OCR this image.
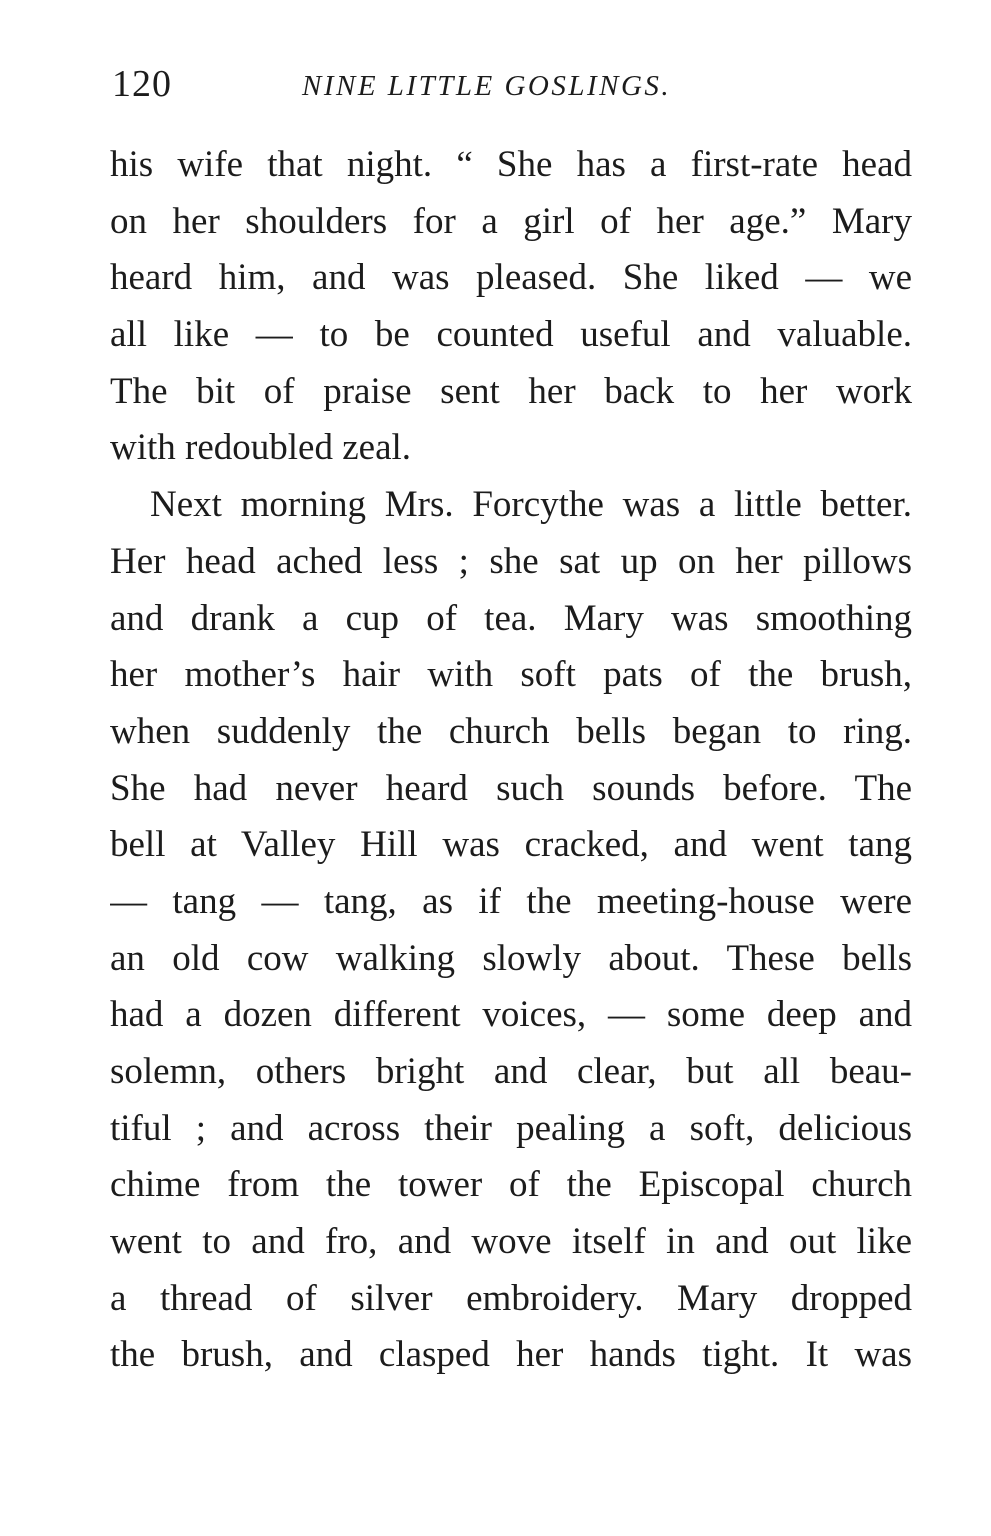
120	NINE LITTLE GOSLINGS.
his wife that night. “ She has a first-rate head
on her shoulders for a girl of her age.” Mary
heard him, and was pleased. She liked — we
all like — to be counted useful and valuable.
The bit of praise sent her back to her work
with redoubled zeal.
Next morning Mrs. Forcythe was a little better.
Her head ached less ; she sat up on her pillows
and drank a cup of tea. Mary was smoothing
her mother’s hair with soft pats of the brush,
when suddenly the church bells began to ring.
She had never heard such sounds before. The
bell at Valley Hill was cracked, and went tang
— tang — tang, as if the meeting-house were
an old cow walking slowly about. These bells
had a dozen different voices, — some deep and
solemn, others bright and clear, but all beau-
tiful ; and across their pealing a soft, delicious
chime from the tower of the Episcopal church
went to and fro, and wove itself in and out like
a thread of silver embroidery. Mary dropped
the brush, and clasped her hands tight. It was
